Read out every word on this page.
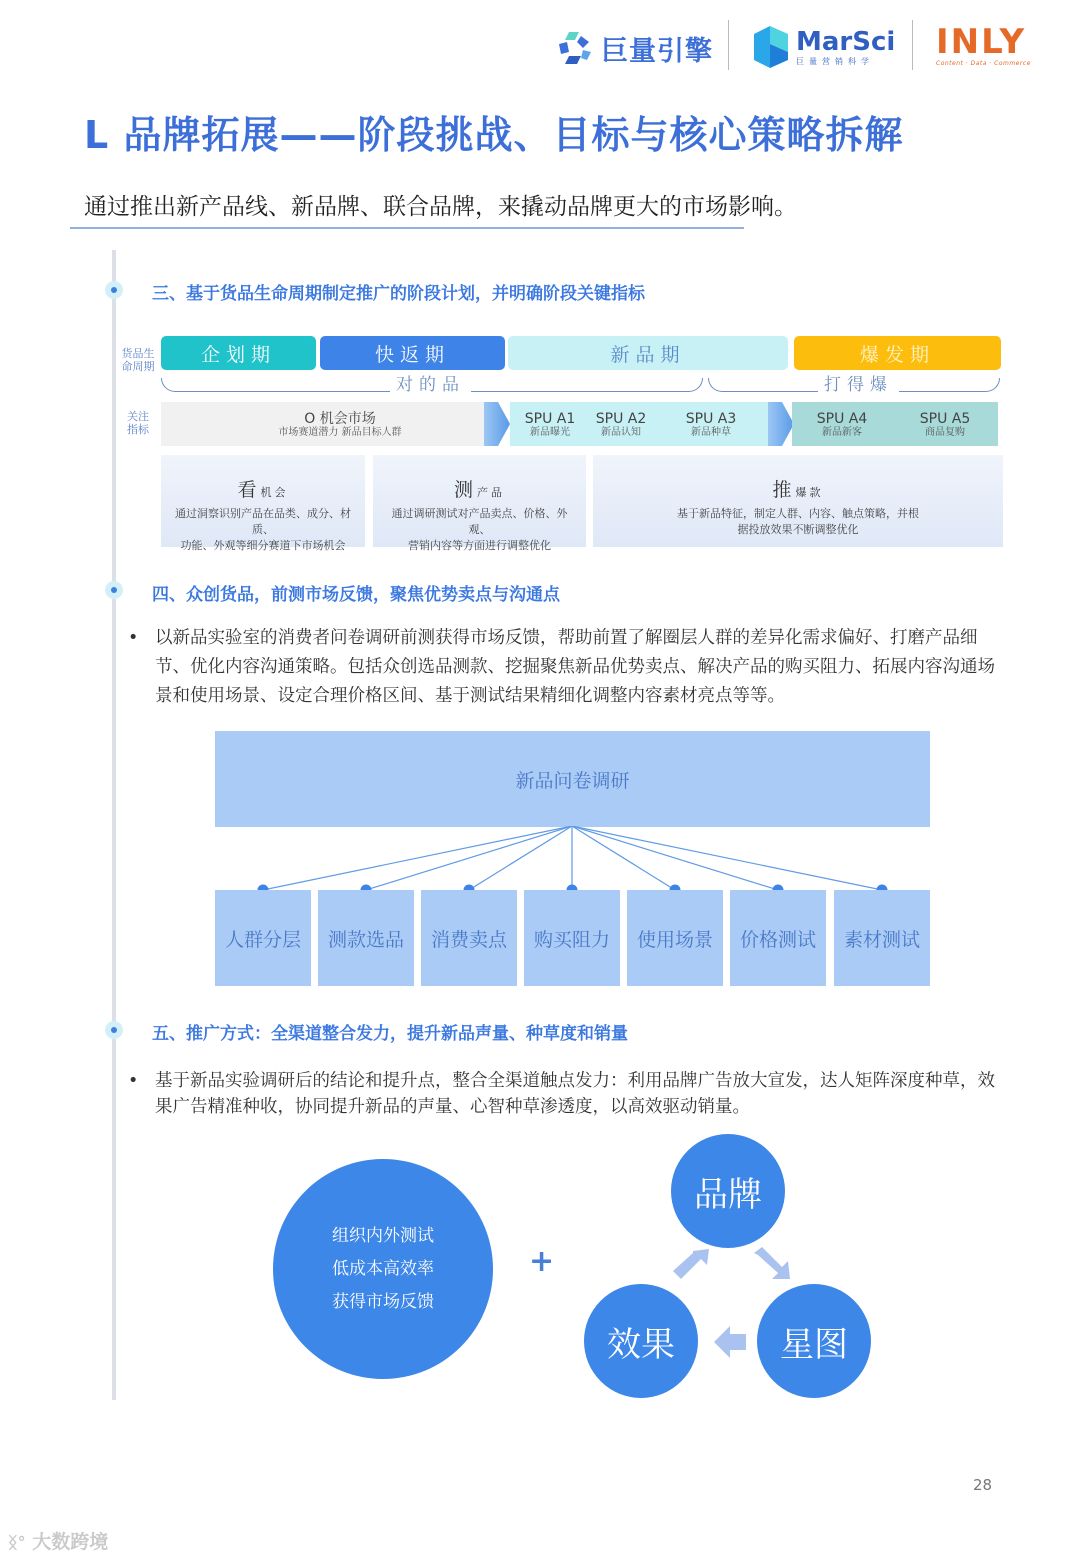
巨量引擎	MarSci
巨量营销科学	INLY
Content · Data · Commerce
L 品牌拓展——阶段挑战、目标与核心策略拆解
通过推出新产品线、新品牌、联合品牌，来撬动品牌更大的市场影响。
三、基于货品生命周期制定推广的阶段计划，并明确阶段关键指标
货品生
命周期
企划期	快返期	新品期	爆发期
对的品	打得爆
关注
指标
O 机会市场
市场赛道潜力 新品目标人群
SPU A1
新品曝光
SPU A2
新品认知
SPU A3
新品种草
SPU A4
新品新客
SPU A5
商品复购
看机会
通过洞察识别产品在品类、成分、材质、
功能、外观等细分赛道下市场机会
测产品
通过调研测试对产品卖点、价格、外观、
营销内容等方面进行调整优化
推爆款
基于新品特征，制定人群、内容、触点策略，并根
据投放效果不断调整优化
四、众创货品，前测市场反馈，聚焦优势卖点与沟通点
• 以新品实验室的消费者问卷调研前测获得市场反馈，帮助前置了解圈层人群的差异化需求偏好、打磨产品细节、优化内容沟通策略。包括众创选品测款、挖掘聚焦新品优势卖点、解决产品的购买阻力、拓展内容沟通场景和使用场景、设定合理价格区间、基于测试结果精细化调整内容素材亮点等等。
新品问卷调研
人群分层	测款选品	消费卖点	购买阻力	使用场景	价格测试	素材测试
五、推广方式：全渠道整合发力，提升新品声量、种草度和销量
• 基于新品实验调研后的结论和提升点，整合全渠道触点发力：利用品牌广告放大宣发，达人矩阵深度种草，效果广告精准种收，协同提升新品的声量、心智种草渗透度，以高效驱动销量。
组织内外测试
低成本高效率
获得市场反馈
+
品牌
星图
效果
28
ᛝ° 大数跨境
